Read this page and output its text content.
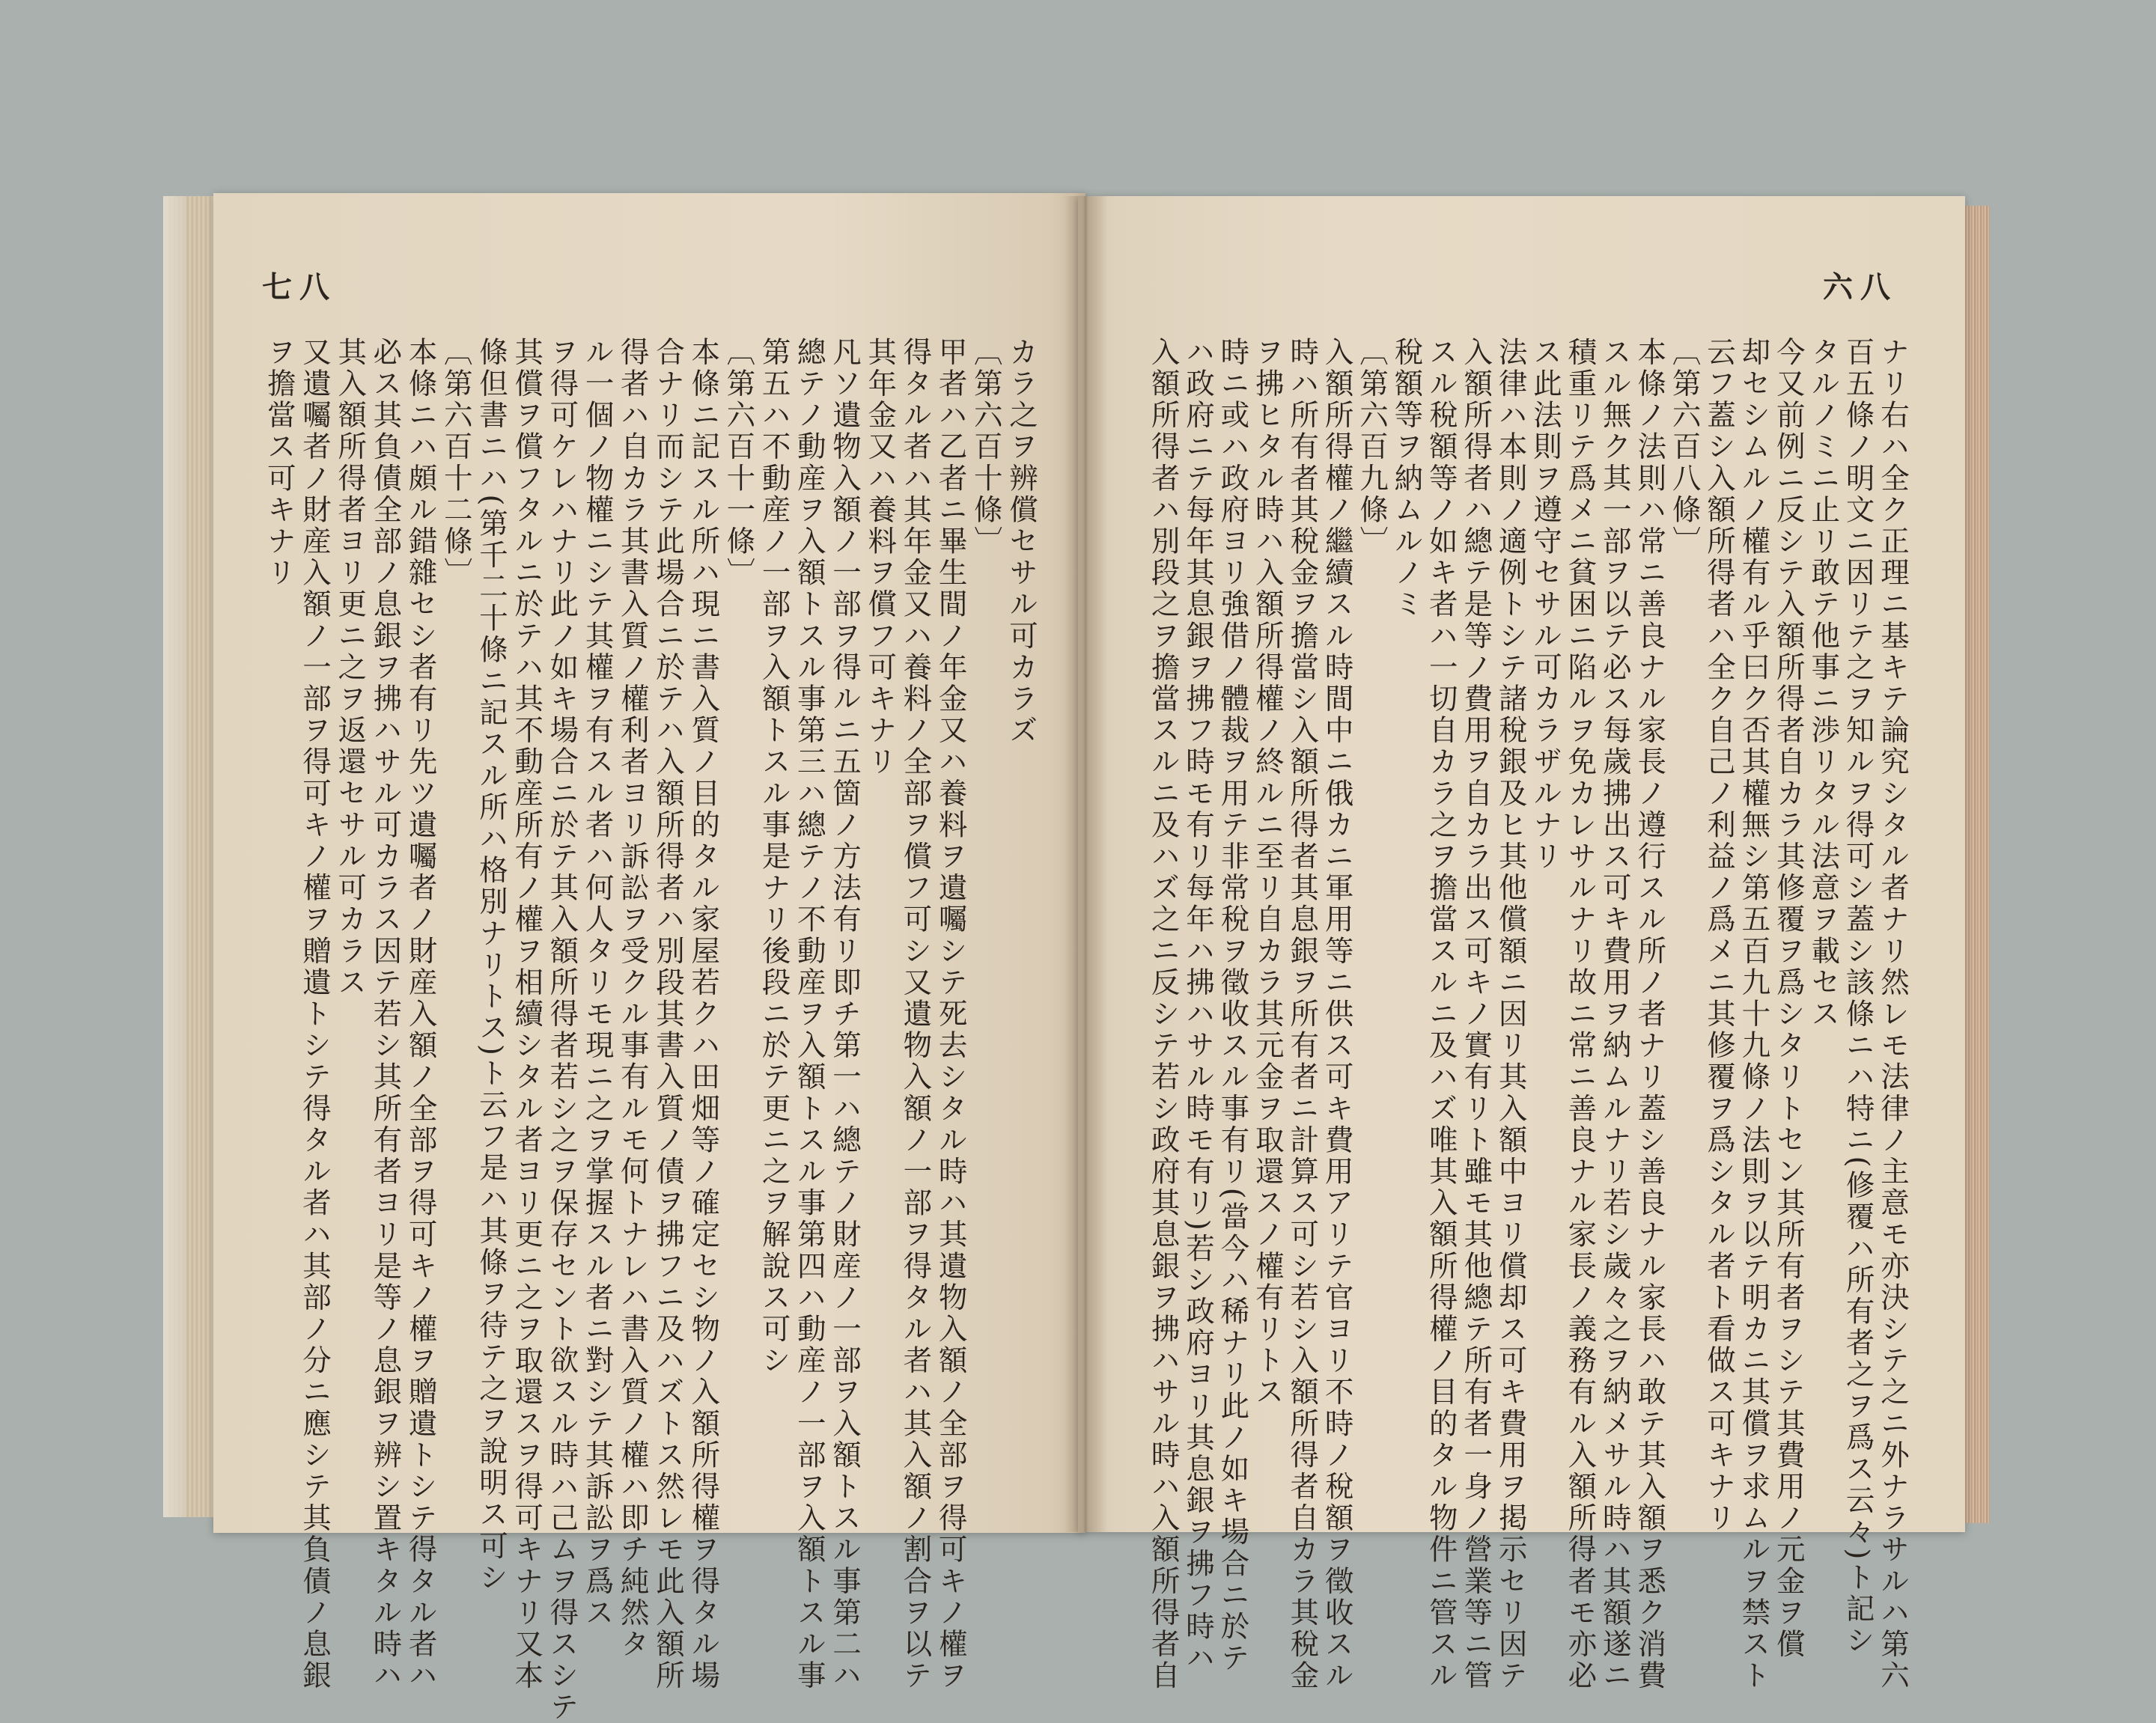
七八	六八
カラ之ヲ辨償セサル可カラズ
〔第六百十條〕
甲者ハ乙者ニ畢生間ノ年金又ハ養料ヲ遺囑シテ死去シタル時ハ其遺物入額ノ全部ヲ得可キノ權ヲ
得タル者ハ其年金又ハ養料ノ全部ヲ償フ可シ又遺物入額ノ一部ヲ得タル者ハ其入額ノ割合ヲ以テ
其年金又ハ養料ヲ償フ可キナリ
凡ソ遺物入額ノ一部ヲ得ルニ五箇ノ方法有リ即チ第一ハ總テノ財産ノ一部ヲ入額トスル事第二ハ
總テノ動産ヲ入額トスル事第三ハ總テノ不動産ヲ入額トスル事第四ハ動産ノ一部ヲ入額トスル事
第五ハ不動産ノ一部ヲ入額トスル事是ナリ後段ニ於テ更ニ之ヲ解說ス可シ
〔第六百十一條〕
本條ニ記スル所ハ現ニ書入質ノ目的タル家屋若クハ田畑等ノ確定セシ物ノ入額所得權ヲ得タル場
合ナリ而シテ此場合ニ於テハ入額所得者ハ別段其書入質ノ債ヲ拂フニ及ハズトス然レモ此入額所
得者ハ自カラ其書入質ノ權利者ヨリ訴訟ヲ受クル事有ルモ何トナレハ書入質ノ權ハ即チ純然タ
ル一個ノ物權ニシテ其權ヲ有スル者ハ何人タリモ現ニ之ヲ掌握スル者ニ對シテ其訴訟ヲ爲ス
ヲ得可ケレハナリ此ノ如キ場合ニ於テ其入額所得者若シ之ヲ保存セント欲スル時ハ己ムヲ得スシテ
其償ヲ償フタルニ於テハ其不動産所有ノ權ヲ相續シタル者ヨリ更ニ之ヲ取還スヲ得可キナリ又本
條但書ニハ(第千二十條ニ記スル所ハ格別ナリトス)ト云フ是ハ其條ヲ待テ之ヲ說明ス可シ
〔第六百十二條〕
本條ニハ頗ル錯雜セシ者有リ先ツ遺囑者ノ財産入額ノ全部ヲ得可キノ權ヲ贈遺トシテ得タル者ハ
必ス其負債全部ノ息銀ヲ拂ハサル可カラス因テ若シ其所有者ヨリ是等ノ息銀ヲ辨シ置キタル時ハ
其入額所得者ヨリ更ニ之ヲ返還セサル可カラス
又遺囑者ノ財産入額ノ一部ヲ得可キノ權ヲ贈遺トシテ得タル者ハ其部ノ分ニ應シテ其負債ノ息銀
ヲ擔當ス可キナリ	ナリ右ハ全ク正理ニ基キテ論究シタル者ナリ然レモ法律ノ主意モ亦決シテ之ニ外ナラサルハ第六
百五條ノ明文ニ因リテ之ヲ知ルヲ得可シ蓋シ該條ニハ特ニ(修覆ハ所有者之ヲ爲ス云々)ト記シ
タルノミニ止リ敢テ他事ニ渉リタル法意ヲ載セス
今又前例ニ反シテ入額所得者自カラ其修覆ヲ爲シタリトセン其所有者ヲシテ其費用ノ元金ヲ償
却セシムルノ權有ル乎曰ク否其權無シ第五百九十九條ノ法則ヲ以テ明カニ其償ヲ求ムルヲ禁スト
云フ蓋シ入額所得者ハ全ク自己ノ利益ノ爲メニ其修覆ヲ爲シタル者ト看做ス可キナリ
〔第六百八條〕
本條ノ法則ハ常ニ善良ナル家長ノ遵行スル所ノ者ナリ蓋シ善良ナル家長ハ敢テ其入額ヲ悉ク消費
スル無ク其一部ヲ以テ必ス每歲拂出ス可キ費用ヲ納ムルナリ若シ歲々之ヲ納メサル時ハ其額遂ニ
積重リテ爲メニ貧困ニ陷ルヲ免カレサルナリ故ニ常ニ善良ナル家長ノ義務有ル入額所得者モ亦必
ス此法則ヲ遵守セサル可カラザルナリ
法律ハ本則ノ適例トシテ諸稅銀及ヒ其他償額ニ因リ其入額中ヨリ償却ス可キ費用ヲ掲示セリ因テ
入額所得者ハ總テ是等ノ費用ヲ自カラ出ス可キノ實有リト雖モ其他總テ所有者一身ノ營業等ニ管
スル稅額等ノ如キ者ハ一切自カラ之ヲ擔當スルニ及ハズ唯其入額所得權ノ目的タル物件ニ管スル
稅額等ヲ納ムルノミ
〔第六百九條〕
入額所得權ノ繼續スル時間中ニ俄カニ軍用等ニ供ス可キ費用アリテ官ヨリ不時ノ稅額ヲ徵收スル
時ハ所有者其稅金ヲ擔當シ入額所得者其息銀ヲ所有者ニ計算ス可シ若シ入額所得者自カラ其稅金
ヲ拂ヒタル時ハ入額所得權ノ終ルニ至リ自カラ其元金ヲ取還スノ權有リトス
時ニ或ハ政府ヨリ強借ノ體裁ヲ用テ非常稅ヲ徵收スル事有リ(當今ハ稀ナリ此ノ如キ場合ニ於テ
ハ政府ニテ每年其息銀ヲ拂フ時モ有リ每年ハ拂ハサル時モ有リ)若シ政府ヨリ其息銀ヲ拂フ時ハ
入額所得者ハ別段之ヲ擔當スルニ及ハズ之ニ反シテ若シ政府其息銀ヲ拂ハサル時ハ入額所得者自
